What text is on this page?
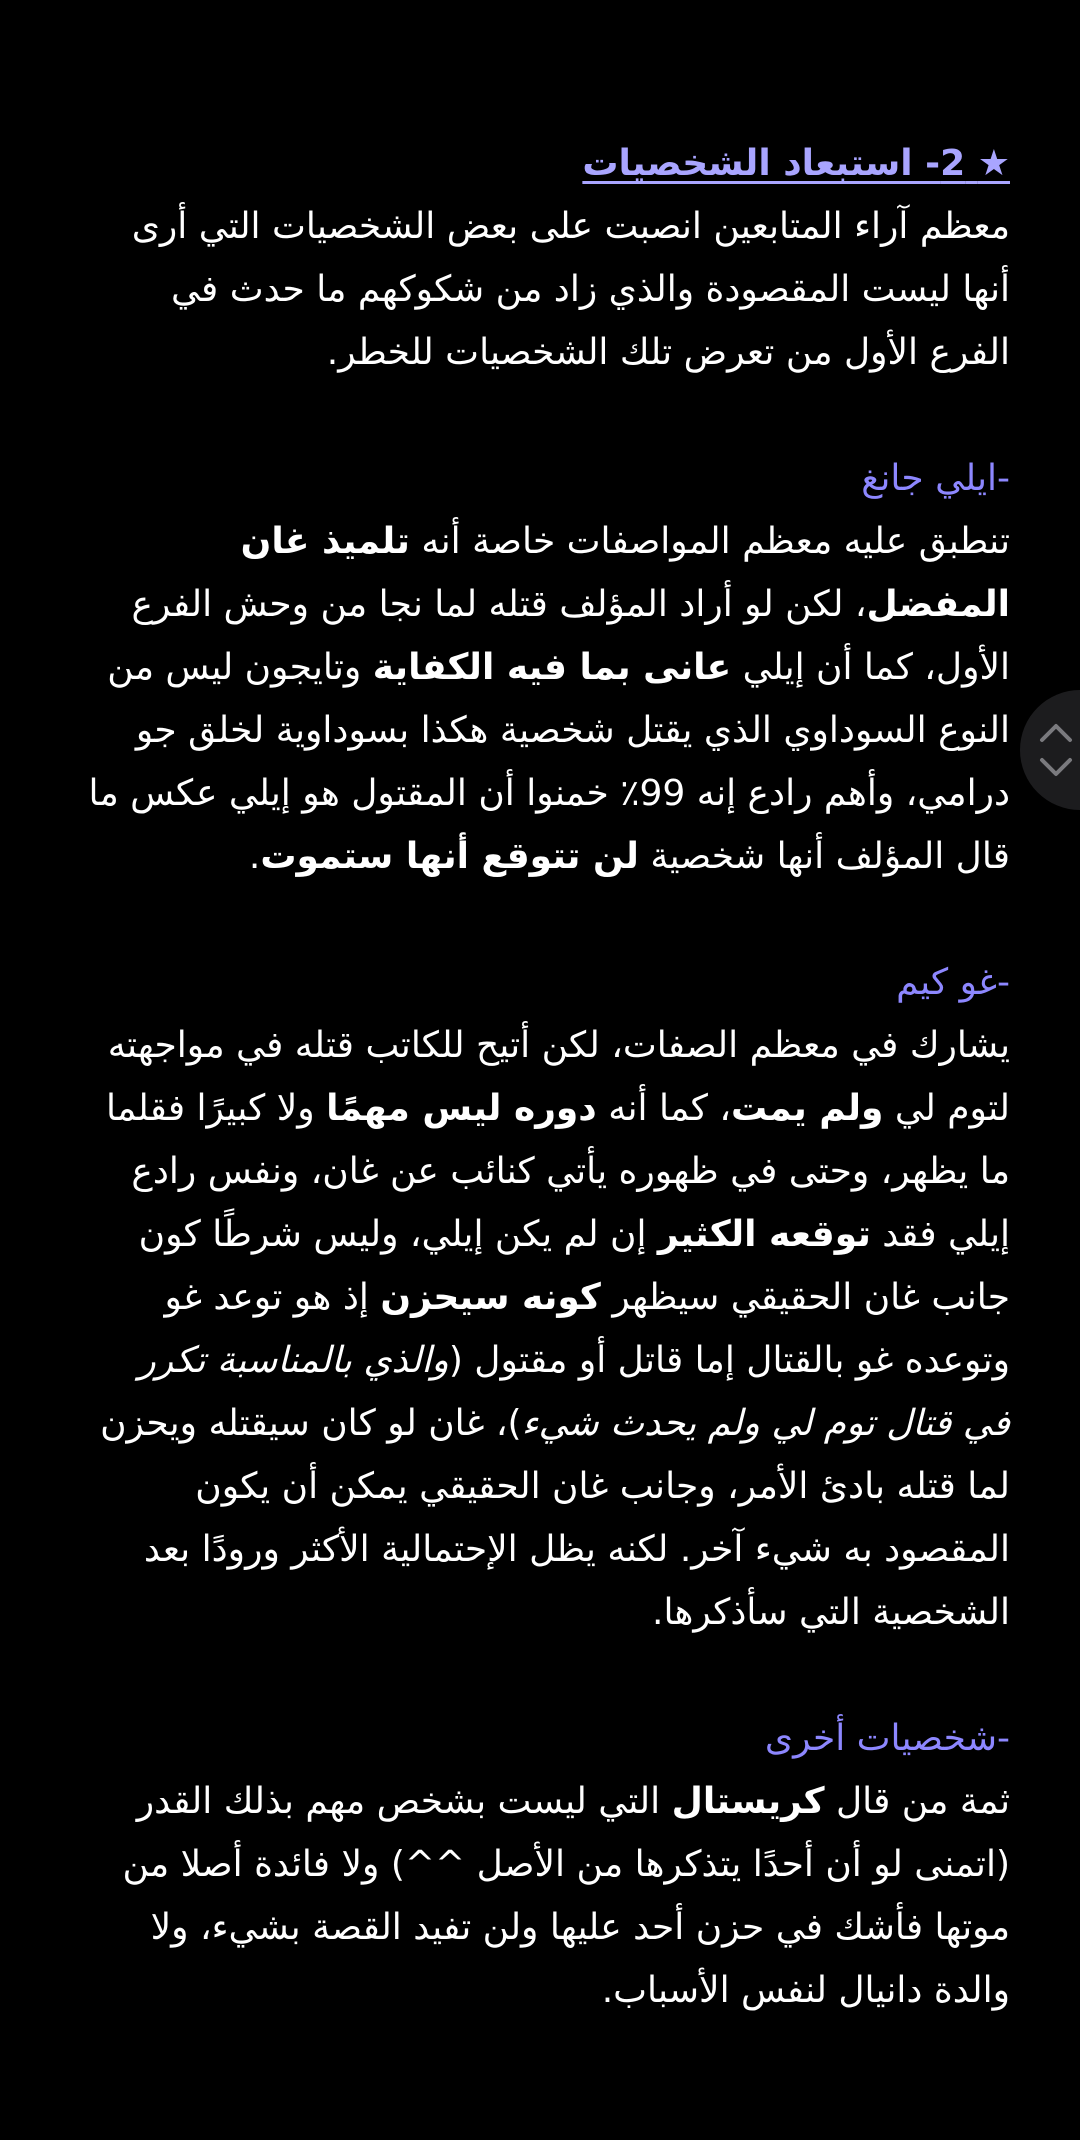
★ 2- استبعاد الشخصيات

معظم آراء المتابعين انصبت على بعض الشخصيات التي أرى أنها ليست المقصودة والذي زاد من شكوكهم ما حدث في الفرع الأول من تعرض تلك الشخصيات للخطر.

-ايلي جانغ

تنطبق عليه معظم المواصفات خاصة أنه تلميذ غان المفضل، لكن لو أراد المؤلف قتله لما نجا من وحش الفرع الأول، كما أن إيلي عانى بما فيه الكفاية وتايجون ليس من النوع السوداوي الذي يقتل شخصية هكذا بسوداوية لخلق جو درامي، وأهم رادع إنه 99٪ خمنوا أن المقتول هو إيلي عكس ما قال المؤلف أنها شخصية لن تتوقع أنها ستموت.

-غو كيم

يشارك في معظم الصفات، لكن أتيح للكاتب قتله في مواجهته لتوم لي ولم يمت، كما أنه دوره ليس مهمًا ولا كبيرًا فقلما ما يظهر، وحتى في ظهوره يأتي كنائب عن غان، ونفس رادع إيلي فقد توقعه الكثير إن لم يكن إيلي، وليس شرطًا كون جانب غان الحقيقي سيظهر كونه سيحزن إذ هو توعد غو وتوعده غو بالقتال إما قاتل أو مقتول (والذي بالمناسبة تكرر في قتال توم لي ولم يحدث شيء)، غان لو كان سيقتله ويحزن لما قتله بادئ الأمر، وجانب غان الحقيقي يمكن أن يكون المقصود به شيء آخر. لكنه يظل الإحتمالية الأكثر ورودًا بعد الشخصية التي سأذكرها.

-شخصيات أخرى

ثمة من قال كريستال التي ليست بشخص مهم بذلك القدر (اتمنى لو أن أحدًا يتذكرها من الأصل ^^) ولا فائدة أصلا من موتها فأشك في حزن أحد عليها ولن تفيد القصة بشيء، ولا والدة دانيال لنفس الأسباب.
